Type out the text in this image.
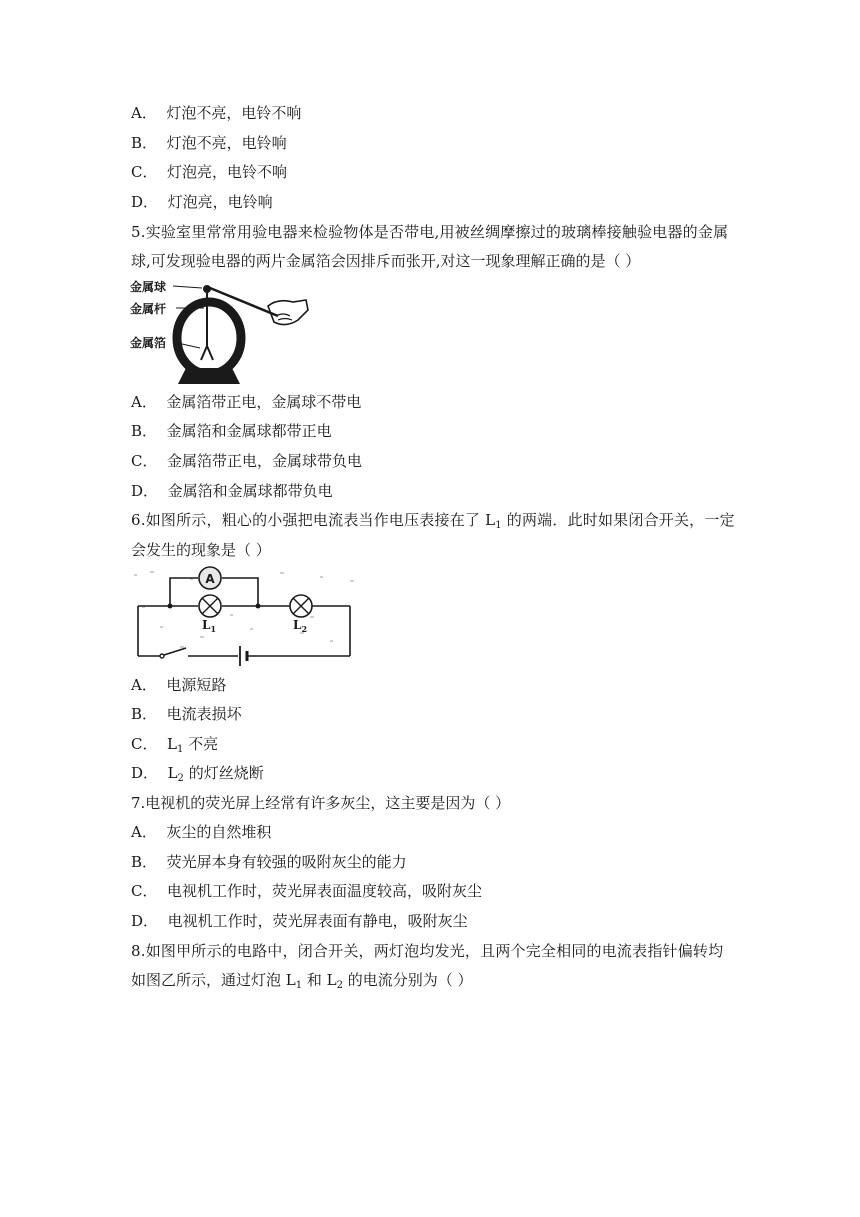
A． 灯泡不亮，电铃不响
B． 灯泡不亮，电铃响
C． 灯泡亮，电铃不响
D． 灯泡亮，电铃响
5.实验室里常常用验电器来检验物体是否带电,用被丝绸摩擦过的玻璃棒接触验电器的金属
球,可发现验电器的两片金属箔会因排斥而张开,对这一现象理解正确的是（ ）
金属球
金属杆
金属箔
A． 金属箔带正电，金属球不带电
B． 金属箔和金属球都带正电
C． 金属箔带正电，金属球带负电
D． 金属箔和金属球都带负电
6.如图所示，粗心的小强把电流表当作电压表接在了 $L_1$ 的两端．此时如果闭合开关，一定
会发生的现象是（ ）
A
$L_1$	$L_2$
A． 电源短路
B． 电流表损坏
C． $L_1$ 不亮
D． $L_2$ 的灯丝烧断
7.电视机的荧光屏上经常有许多灰尘，这主要是因为（ ）
A． 灰尘的自然堆积
B． 荧光屏本身有较强的吸附灰尘的能力
C． 电视机工作时，荧光屏表面温度较高，吸附灰尘
D． 电视机工作时，荧光屏表面有静电，吸附灰尘
8.如图甲所示的电路中，闭合开关，两灯泡均发光，且两个完全相同的电流表指针偏转均
如图乙所示，通过灯泡 $L_1$ 和 $L_2$ 的电流分别为（ ）
